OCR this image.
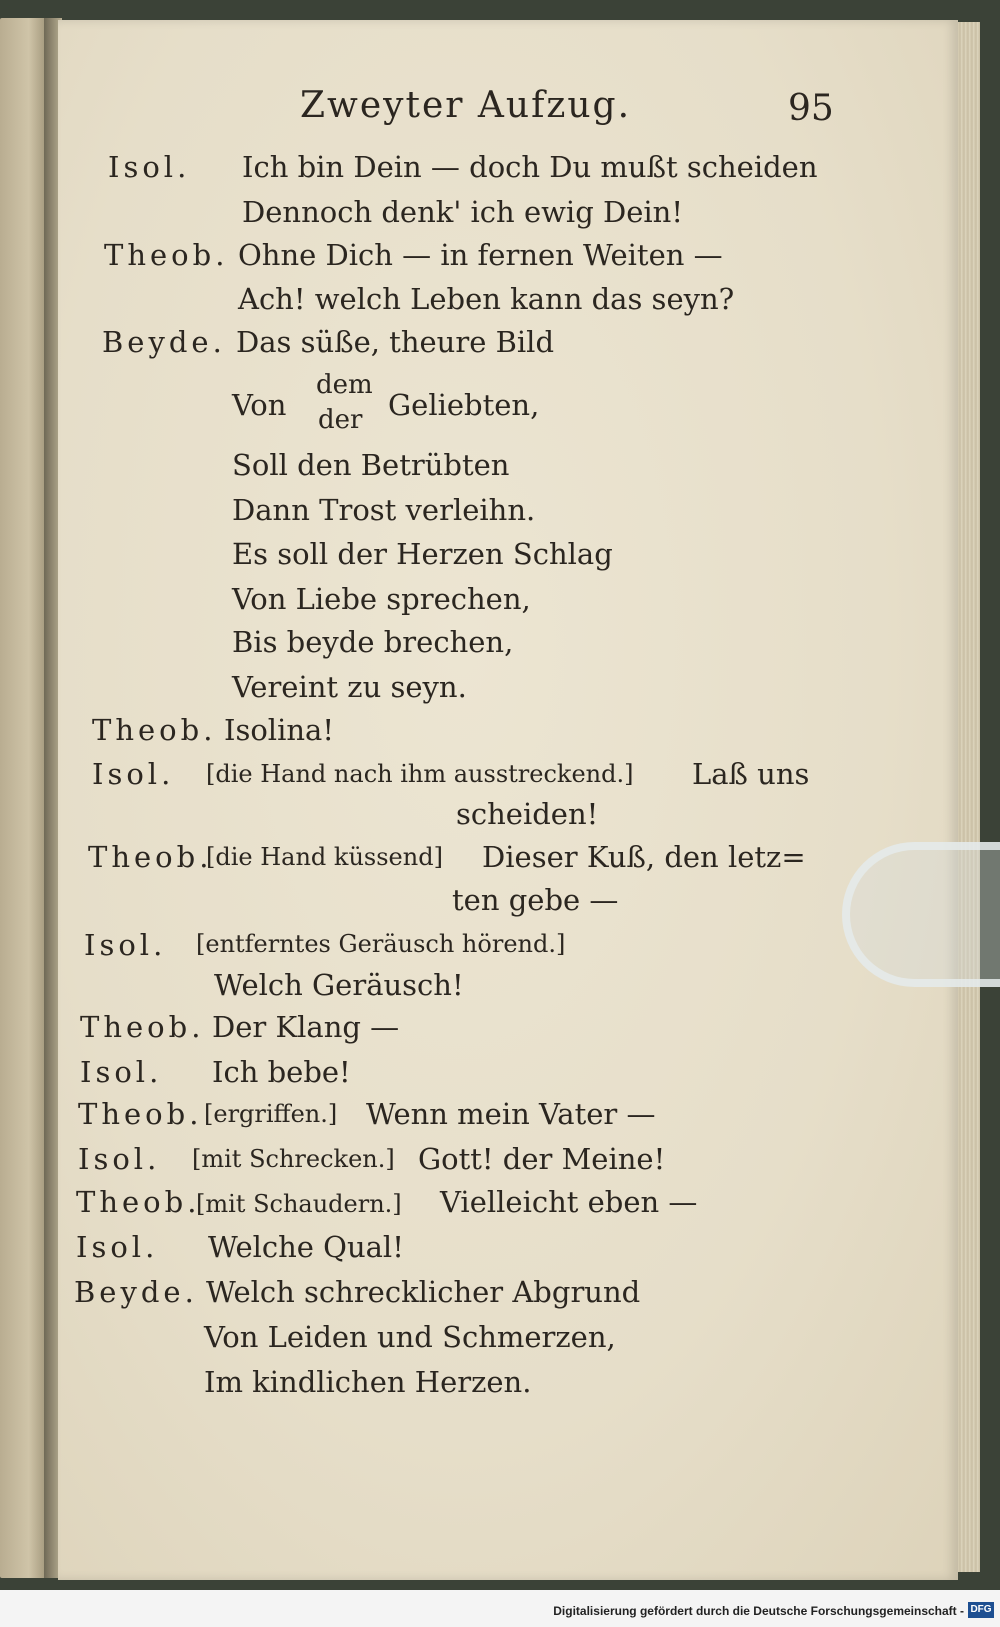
Zweyter Aufzug.	95
Isol. Ich bin Dein — doch Du mußt scheiden
Dennoch denk' ich ewig Dein!
Theob. Ohne Dich — in fernen Weiten —
Ach! welch Leben kann das seyn?
Beyde. Das süße, theure Bild
Von
dem
der Geliebten,
Soll den Betrübten
Dann Trost verleihn.
Es soll der Herzen Schlag
Von Liebe sprechen,
Bis beyde brechen,
Vereint zu seyn.
Theob. Isolina!
Isol. [die Hand nach ihm ausstreckend.] Laß uns
scheiden!
Theob.
[die Hand küssend] Dieser Kuß, den letz=
ten gebe —
Isol. [entferntes Geräusch hörend.]
Welch Geräusch!
Theob. Der Klang —
Isol. Ich bebe!
Theob. [ergriffen.] Wenn mein Vater —
Isol. [mit Schrecken.] Gott! der Meine!
Theob.
[mit Schaudern.] Vielleicht eben —
Isol. Welche Qual!
Beyde. Welch schrecklicher Abgrund
Von Leiden und Schmerzen,
Im kindlichen Herzen.
Digitalisierung gefördert durch die Deutsche Forschungsgemeinschaft - DFG
